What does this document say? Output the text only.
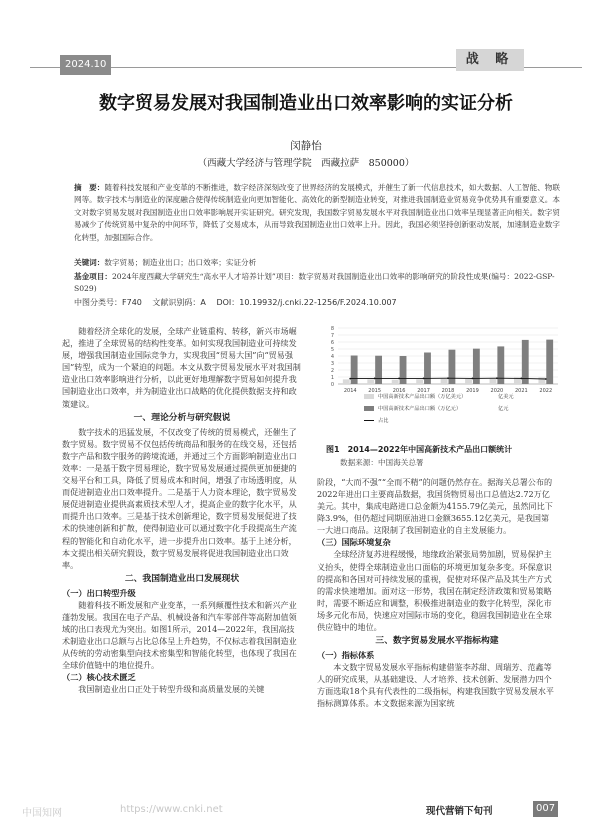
2024.10	战 略
数字贸易发展对我国制造业出口效率影响的实证分析
闵静怡
（西藏大学经济与管理学院　西藏拉萨　850000）
摘　要：随着科技发展和产业变革的不断推进，数字经济深刻改变了世界经济的发展模式，并催生了新一代信息技术，如大数据、人工智能、物联网等。数字技术与制造业的深度融合使得传统制造业向更加智能化、高效化的新型制造业转变，对推进我国制造业贸易竞争优势具有重要意义。本文对数字贸易发展对我国制造业出口效率影响展开实证研究。研究发现，我国数字贸易发展水平对我国制造业出口效率呈现显著正向相关。数字贸易减少了传统贸易中复杂的中间环节，降低了交易成本，从而导致我国制造业出口效率上升。因此，我国必须坚持创新驱动发展，加速制造业数字化转型，加强国际合作。
关键词：数字贸易；制造业出口；出口效率；实证分析
基金项目：2024年度西藏大学研究生“高水平人才培养计划”项目：数字贸易对我国制造业出口效率的影响研究的阶段性成果(编号：2022-GSP-S029)
中图分类号：F740 文献识别码：A DOI：10.19932/j.cnki.22-1256/F.2024.10.007

随着经济全球化的发展，全球产业链重构、转移，新兴市场崛起，推进了全球贸易的结构性变革。如何实现我国制造业可持续发展，增强我国制造业国际竞争力，实现我国“贸易大国”向“贸易强国”转型，成为一个紧迫的问题。本文从数字贸易发展水平对我国制造业出口效率影响进行分析，以此更好地理解数字贸易如何提升我国制造业出口效率，并为制造业出口战略的优化提供数据支持和政策建议。

一、理论分析与研究假说

数字技术的迅猛发展，不仅改变了传统的贸易模式，还催生了数字贸易。数字贸易不仅包括传统商品和服务的在线交易，还包括数字产品和数字服务的跨境流通，并通过三个方面影响制造业出口效率：一是基于数字贸易理论，数字贸易发展通过提供更加便捷的交易平台和工具，降低了贸易成本和时间，增强了市场透明度，从而促进制造业出口效率提升。二是基于人力资本理论，数字贸易发展促进制造业提供高素质技术型人才，提高企业的数字化水平，从而提升出口效率。三是基于技术创新理论，数字贸易发展促进了技术的快速创新和扩散，使得制造业可以通过数字化手段提高生产流程的智能化和自动化水平，进一步提升出口效率。基于上述分析，本文提出相关研究假设，数字贸易发展将促进我国制造业出口效率。

二、我国制造业出口发展现状
（一）出口转型升级

随着科技不断发展和产业变革，一系列颠覆性技术和新兴产业蓬勃发展。我国在电子产品、机械设备和汽车零部件等高附加值领域的出口表现尤为突出。如图1所示，2014—2022年，我国高技术制造业出口总额与占比总体呈上升趋势，不仅标志着我国制造业从传统的劳动密集型向技术密集型和智能化转型，也体现了我国在全球价值链中的地位提升。

（二）核心技术匮乏

我国制造业出口正处于转型升级和高质量发展的关键

0
1
2
3
4
5
6
7
8
2014 2015 2016 2017 2018 2019 2020 2021 2022
中国高新技术产品出口额（万亿美元）	亿美元
中国高新技术产品出口额（万亿元）	亿元
占比
图1　2014—2022年中国高新技术产品出口额统计
数据来源：中国海关总署

阶段，“大而不强”“全而不精”的问题仍然存在。据海关总署公布的2022年进出口主要商品数据，我国货物贸易出口总值达2.72万亿美元。其中，集成电路进口总金额为4155.79亿美元，虽然同比下降3.9%，但仍超过同期原油进口金额3655.12亿美元，是我国第一大进口商品。这限制了我国制造业的自主发展能力。

（三）国际环境复杂

全球经济复苏进程缓慢，地缘政治紧张局势加剧，贸易保护主义抬头，使得全球制造业出口面临的环境更加复杂多变。环保意识的提高和各国对可持续发展的重视，促使对环保产品及其生产方式的需求快速增加。面对这一形势，我国在制定经济政策和贸易策略时，需要不断适应和调整，积极推进制造业的数字化转型，深化市场多元化布局，快速应对国际市场的变化，稳固我国制造业在全球供应链中的地位。

三、数字贸易发展水平指标构建
（一）指标体系

本文数字贸易发展水平指标构建借鉴李苏甜、周瑞芳、范鑫等人的研究成果，从基础建设、人才培养、技术创新、发展潜力四个方面选取18个具有代表性的二级指标，构建我国数字贸易发展水平指标测算体系。本文数据来源为国家统

中国知网	https://www.cnki.net	现代营销下旬刊	007
